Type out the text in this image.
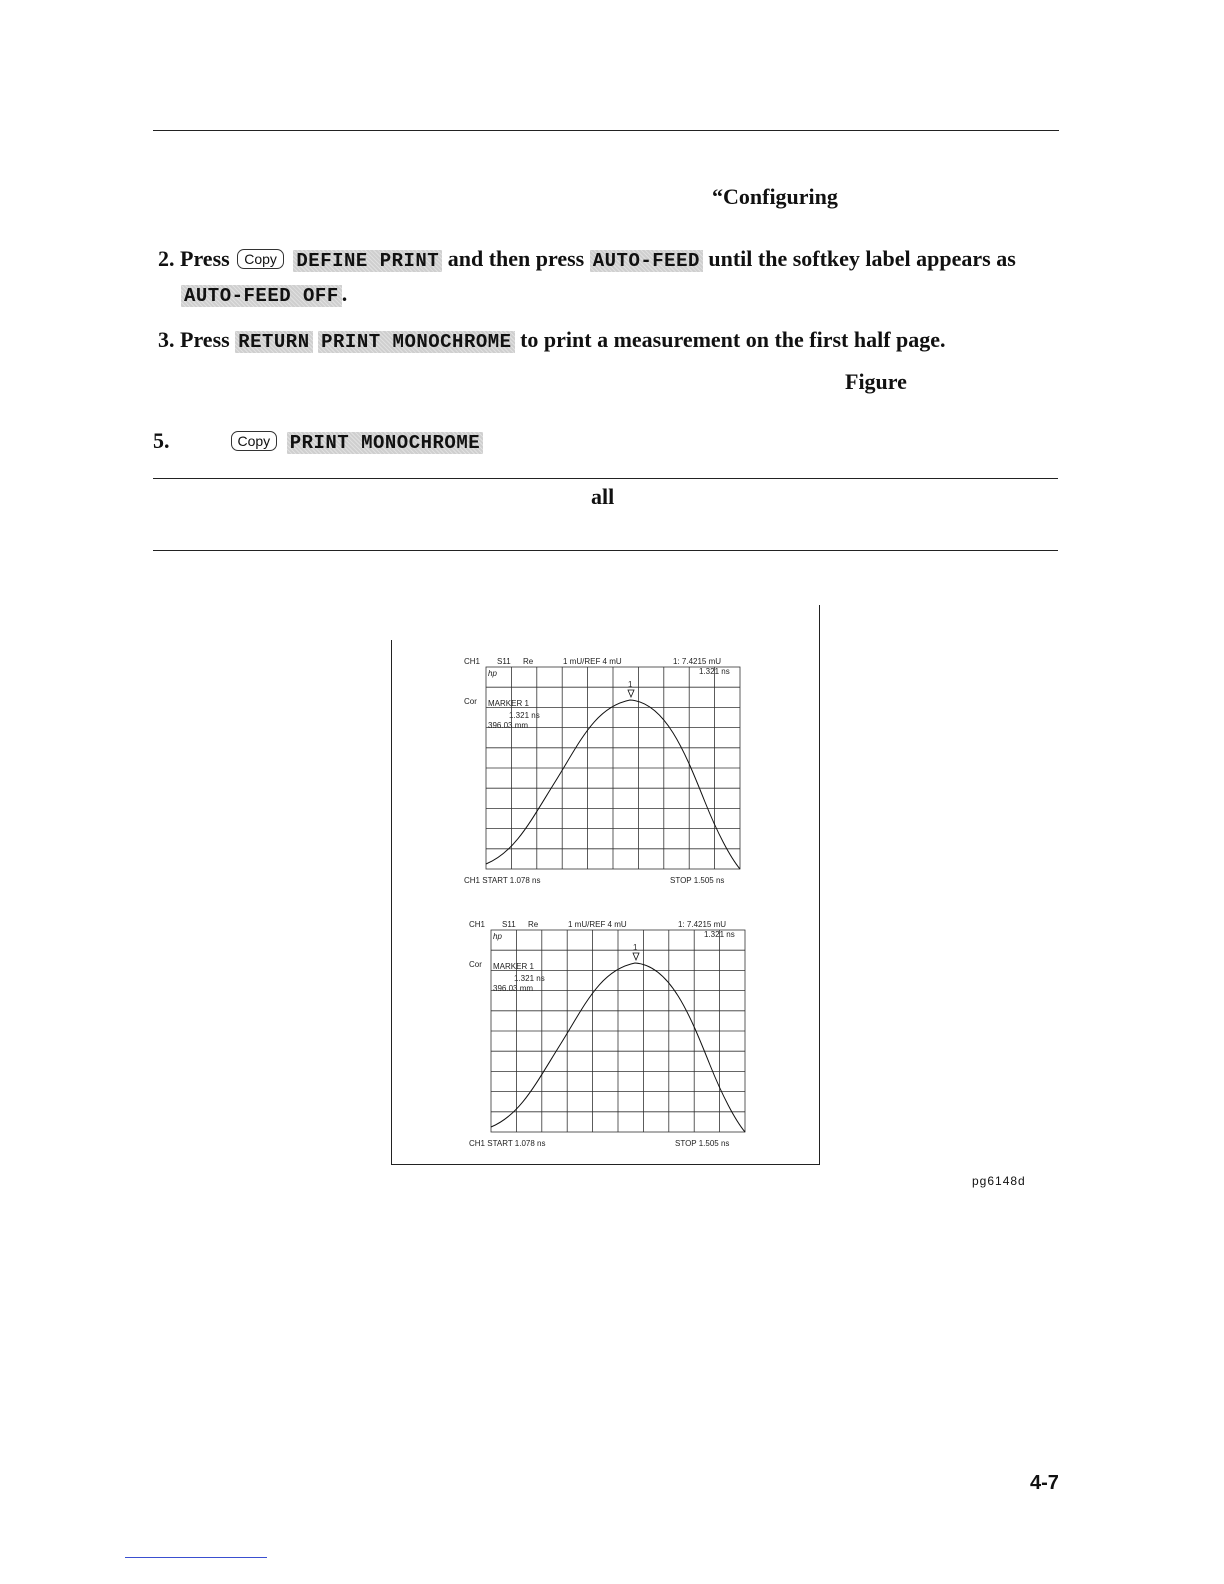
“Configuring
2. Press Copy DEFINE PRINT and then press AUTO-FEED until the softkey label appears as
AUTO-FEED OFF .
3. Press RETURN PRINT MONOCHROME to print a measurement on the first half page.
Figure
5.	Copy PRINT MONOCHROME
all
CH1 S11 Re	1 mU/REF 4 mU	1: 7.4215 mU
1.321 ns
hp
Cor MARKER 1
1.321 ns
396.03 mm
1
CH1 START 1.078 ns	STOP 1.505 ns
CH1 S11 Re	1 mU/REF 4 mU	1: 7.4215 mU
1.321 ns
hp
Cor MARKER 1
1.321 ns
396.03 mm
1
CH1 START 1.078 ns	STOP 1.505 ns
pg6148d
4-7
